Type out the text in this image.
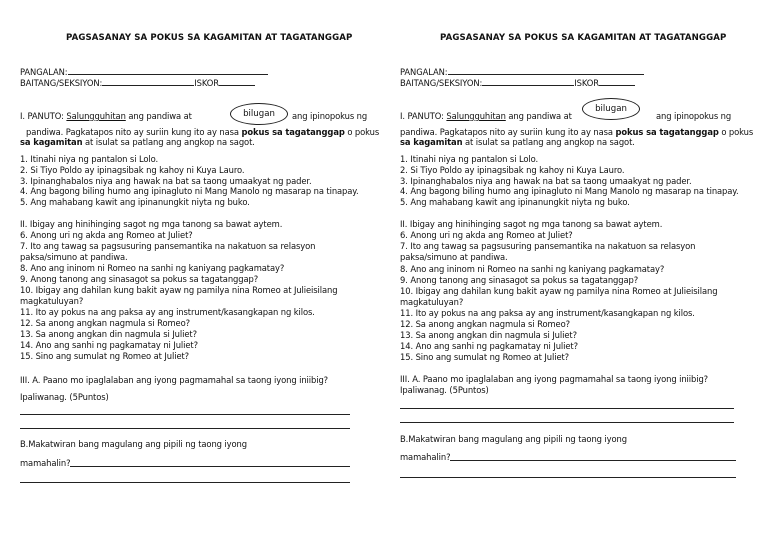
PAGSASANAY SA POKUS SA KAGAMITAN AT TAGATANGGAP
PANGALAN:
BAITANG/SEKSIYON:	ISKOR
I. PANUTO: Salungguhitan ang pandiwa at	bilugan	ang ipinopokus ng
pandiwa. Pagkatapos nito ay suriin kung ito ay nasa pokus sa tagatanggap o pokus
sa kagamitan at isulat sa patlang ang angkop na sagot.
1. Itinahi niya ng pantalon si Lolo.
2. Si Tiyo Poldo ay ipinagsibak ng kahoy ni Kuya Lauro.
3. Ipinanghabalos niya ang hawak na bat sa taong umaakyat ng pader.
4. Ang bagong biling humo ang ipinagluto ni Mang Manolo ng masarap na tinapay.
5. Ang mahabang kawit ang ipinanungkit niyta ng buko.
II. Ibigay ang hinihinging sagot ng mga tanong sa bawat aytem.
6. Anong uri ng akda ang Romeo at Juliet?
7. Ito ang tawag sa pagsusuring pansemantika na nakatuon sa relasyon
paksa/simuno at pandiwa.
8. Ano ang ininom ni Romeo na sanhi ng kaniyang pagkamatay?
9. Anong tanong ang sinasagot sa pokus sa tagatanggap?
10. Ibigay ang dahilan kung bakit ayaw ng pamilya nina Romeo at Julieisilang
magkatuluyan?
11. Ito ay pokus na ang paksa ay ang instrument/kasangkapan ng kilos.
12. Sa anong angkan nagmula si Romeo?
13. Sa anong angkan din nagmula si Juliet?
14. Ano ang sanhi ng pagkamatay ni Juliet?
15. Sino ang sumulat ng Romeo at Juliet?
III. A. Paano mo ipaglalaban ang iyong pagmamahal sa taong iyong iniibig?
Ipaliwanag. (5Puntos)
B.Makatwiran bang magulang ang pipili ng taong iyong
mamahalin?
PAGSASANAY SA POKUS SA KAGAMITAN AT TAGATANGGAP
PANGALAN:
BAITANG/SEKSIYON:	ISKOR
I. PANUTO: Salungguhitan ang pandiwa at
bilugan
ang ipinopokus ng
pandiwa. Pagkatapos nito ay suriin kung ito ay nasa pokus sa tagatanggap o pokus
sa kagamitan at isulat sa patlang ang angkop na sagot.
1. Itinahi niya ng pantalon si Lolo.
2. Si Tiyo Poldo ay ipinagsibak ng kahoy ni Kuya Lauro.
3. Ipinanghabalos niya ang hawak na bat sa taong umaakyat ng pader.
4. Ang bagong biling humo ang ipinagluto ni Mang Manolo ng masarap na tinapay.
5. Ang mahabang kawit ang ipinanungkit niyta ng buko.
II. Ibigay ang hinihinging sagot ng mga tanong sa bawat aytem.
6. Anong uri ng akda ang Romeo at Juliet?
7. Ito ang tawag sa pagsusuring pansemantika na nakatuon sa relasyon
paksa/simuno at pandiwa.
8. Ano ang ininom ni Romeo na sanhi ng kaniyang pagkamatay?
9. Anong tanong ang sinasagot sa pokus sa tagatanggap?
10. Ibigay ang dahilan kung bakit ayaw ng pamilya nina Romeo at Julieisilang
magkatuluyan?
11. Ito ay pokus na ang paksa ay ang instrument/kasangkapan ng kilos.
12. Sa anong angkan nagmula si Romeo?
13. Sa anong angkan din nagmula si Juliet?
14. Ano ang sanhi ng pagkamatay ni Juliet?
15. Sino ang sumulat ng Romeo at Juliet?
III. A. Paano mo ipaglalaban ang iyong pagmamahal sa taong iyong iniibig?
Ipaliwanag. (5Puntos)
B.Makatwiran bang magulang ang pipili ng taong iyong
mamahalin?
